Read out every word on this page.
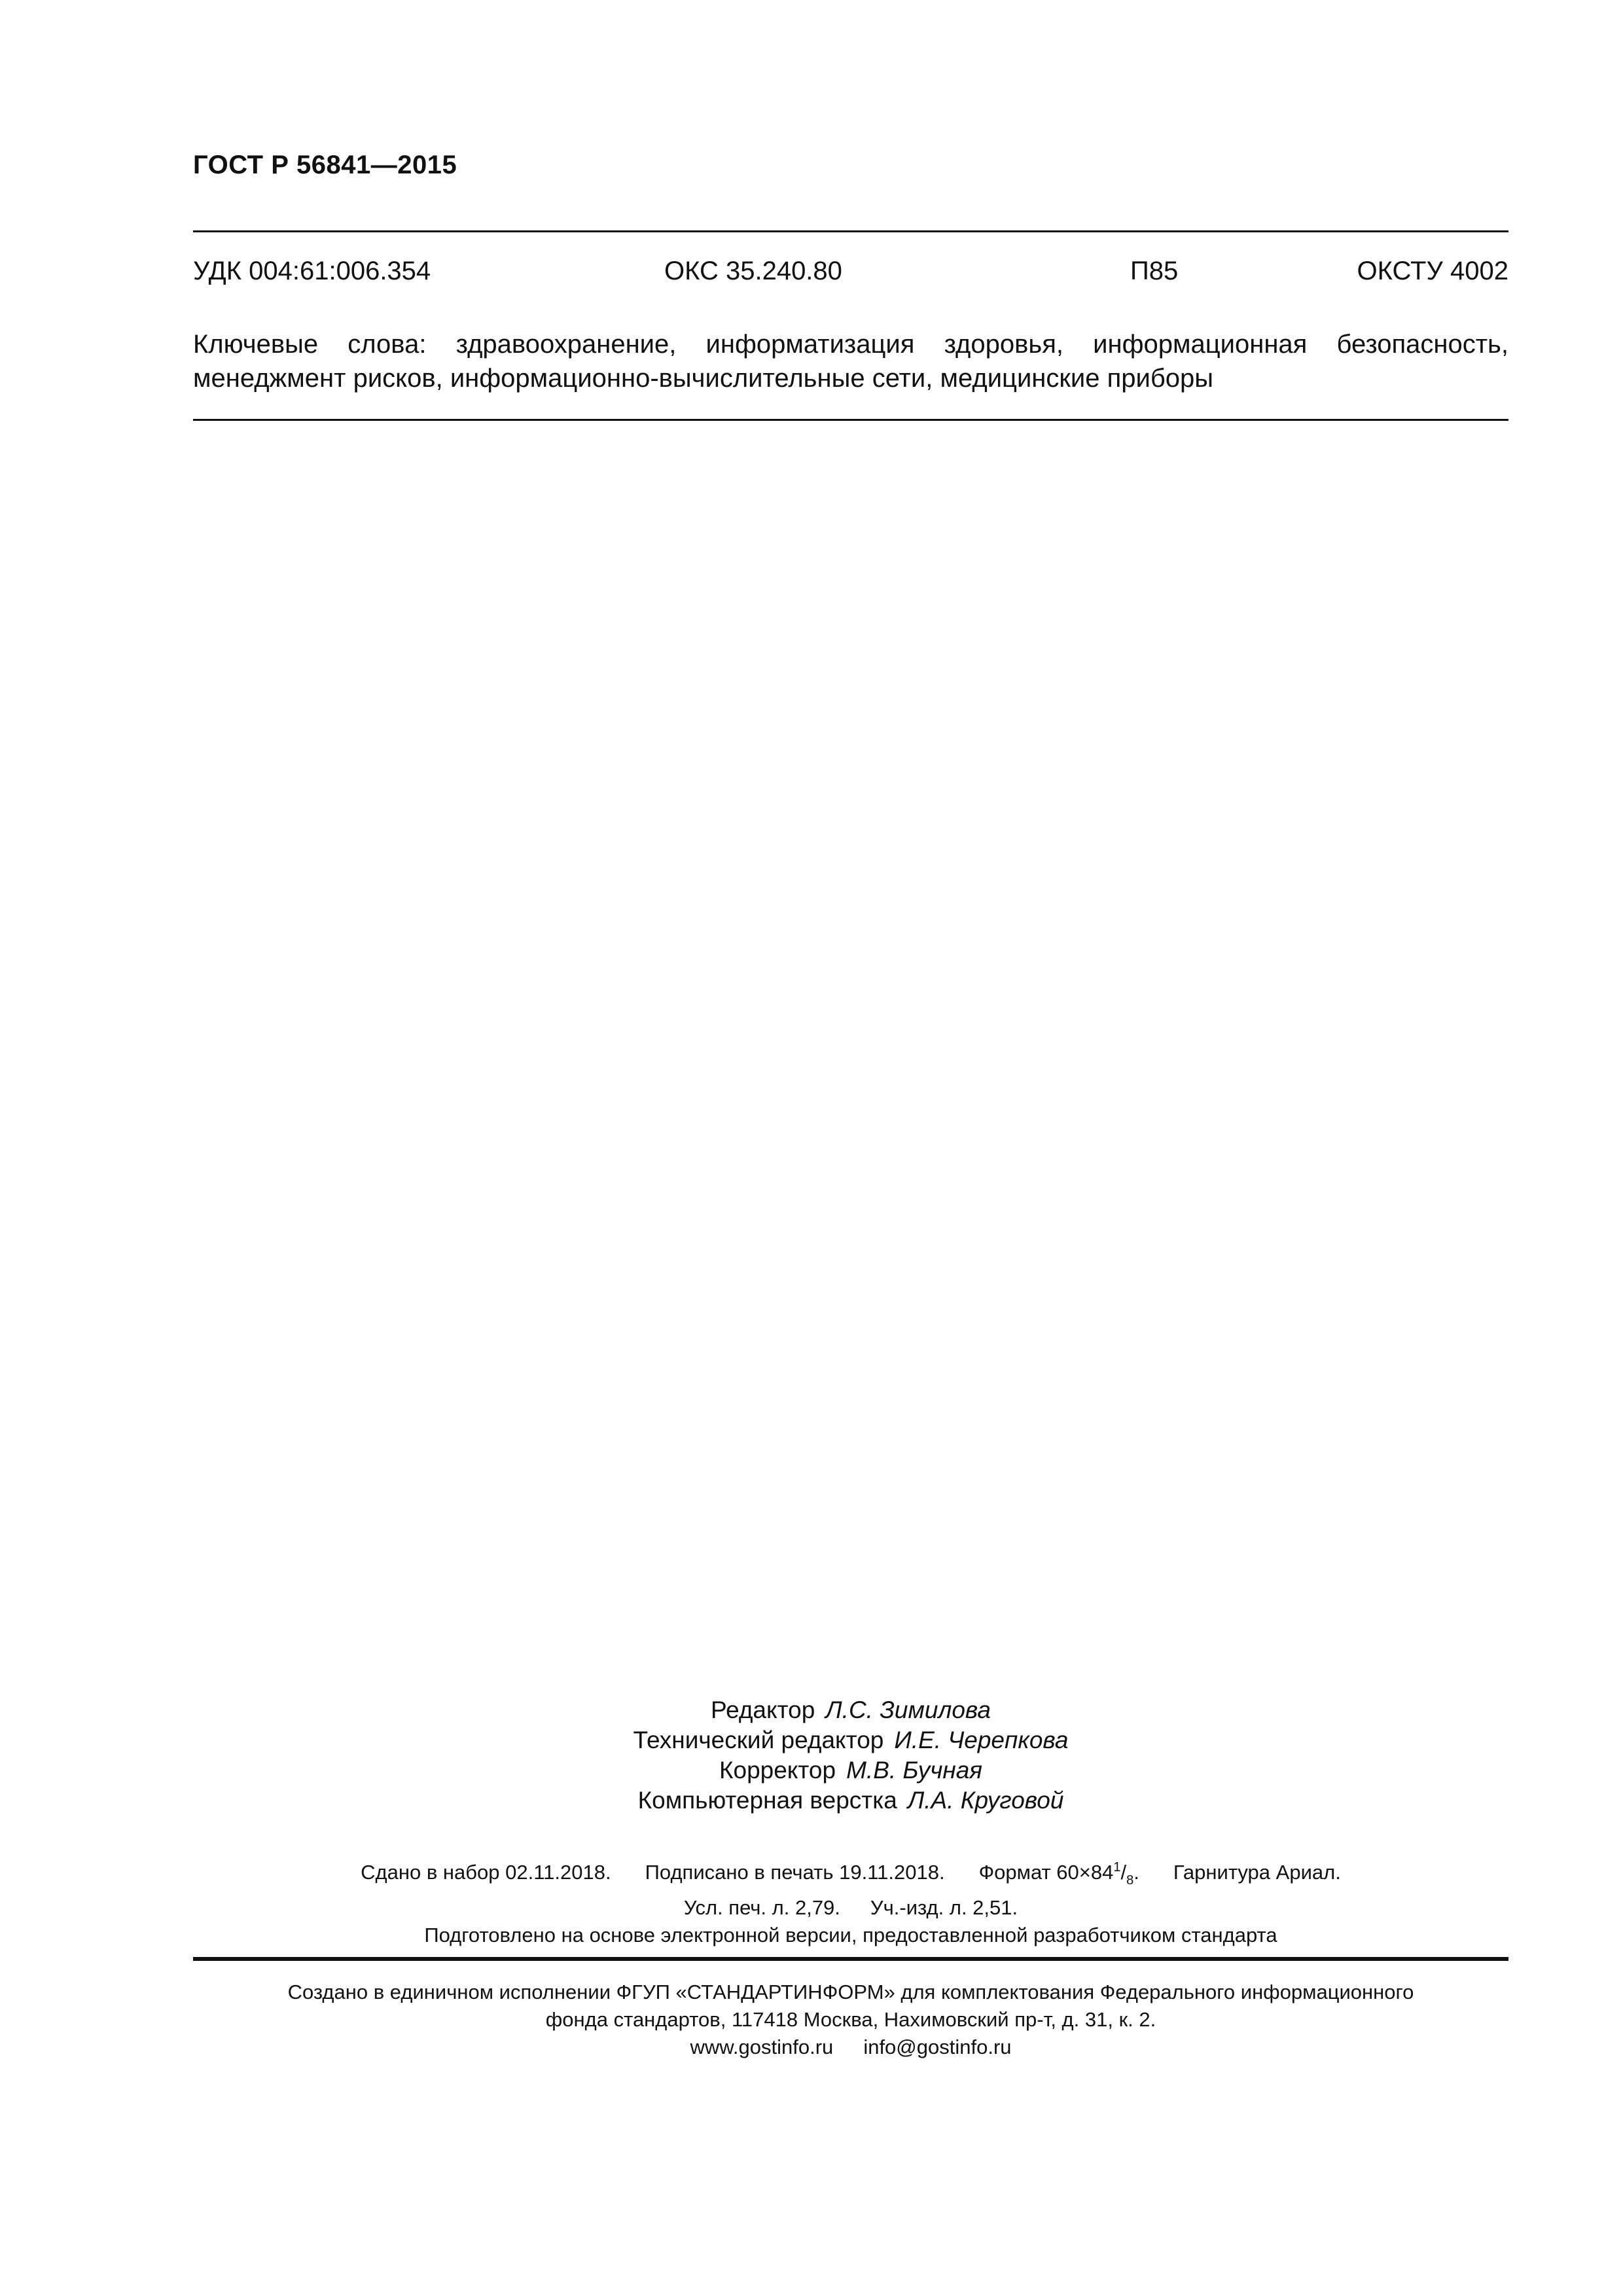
ГОСТ Р 56841—2015
УДК 004:61:006.354	ОКС 35.240.80	П85	ОКСТУ 4002
Ключевые слова: здравоохранение, информатизация здоровья, информационная безопасность, менеджмент рисков, информационно-вычислительные сети, медицинские приборы
Редактор Л.С. Зимилова
Технический редактор И.Е. Черепкова
Корректор М.В. Бучная
Компьютерная верстка Л.А. Круговой
Сдано в набор 02.11.2018. Подписано в печать 19.11.2018. Формат $60\times 84^1/_8$. Гарнитура Ариал.
Усл. печ. л. 2,79. Уч.-изд. л. 2,51.
Подготовлено на основе электронной версии, предоставленной разработчиком стандарта
Создано в единичном исполнении ФГУП «СТАНДАРТИНФОРМ» для комплектования Федерального информационного
фонда стандартов, 117418 Москва, Нахимовский пр-т, д. 31, к. 2.
www.gostinfo.ru info@gostinfo.ru
